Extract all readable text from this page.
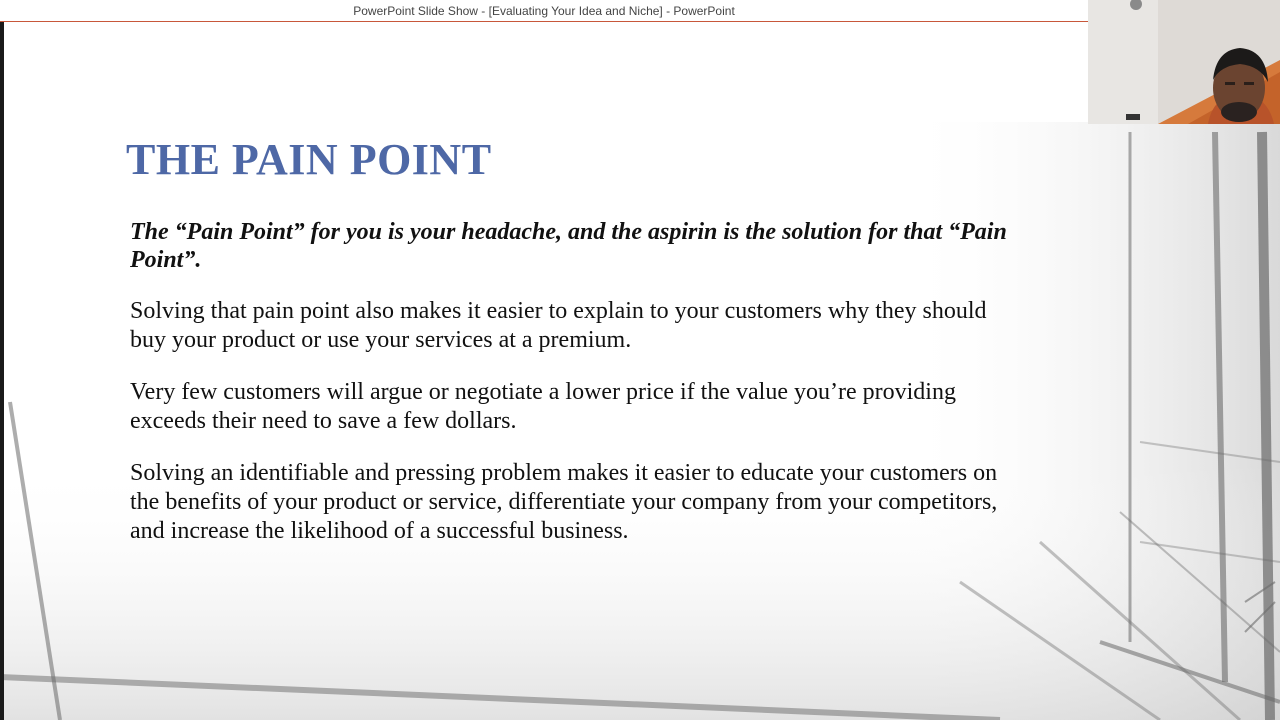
PowerPoint Slide Show - [Evaluating Your Idea and Niche] - PowerPoint
THE PAIN POINT

The “Pain Point” for you is your headache, and the aspirin is the solution for that “Pain Point”.

Solving that pain point also makes it easier to explain to your customers why they should buy your product or use your services at a premium.

Very few customers will argue or negotiate a lower price if the value you’re providing exceeds their need to save a few dollars.

Solving an identifiable and pressing problem makes it easier to educate your customers on the benefits of your product or service, differentiate your company from your competitors, and increase the likelihood of a successful business.
